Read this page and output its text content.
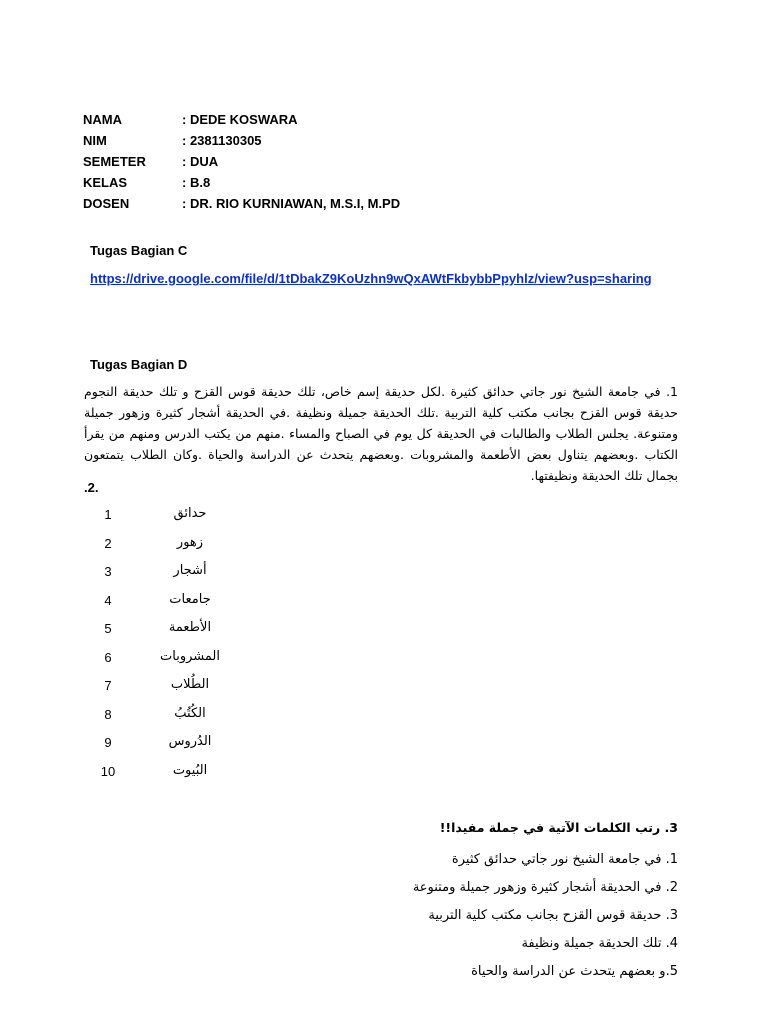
NAMA	: DEDE KOSWARA
NIM	: 2381130305
SEMETER	: DUA
KELAS	: B.8
DOSEN	: DR. RIO KURNIAWAN, M.S.I, M.PD
Tugas Bagian C
https://drive.google.com/file/d/1tDbakZ9KoUzhn9wQxAWtFkbybbPpyhlz/view?usp=sharing
Tugas Bagian D

1. في جامعة الشيخ نور جاتي حدائق كثيرة .لكل حديقة إسم خاص، تلك حديقة قوس القزح و تلك حديقة النجوم حديقة قوس القزح بجانب مكتب كلية التربية .تلك الحديقة جميلة ونظيفة .في الحديقة أشجار كثيرة وزهور جميلة ومتنوعة. يجلس الطلاب والطالبات في الحديقة كل يوم في الصباح والمساء .منهم من يكتب الدرس ومنهم من يقرأ الكتاب .وبعضهم يتناول بعض الأطعمة والمشروبات .وبعضهم يتحدث عن الدراسة والحياة .وكان الطلاب يتمتعون بجمال تلك الحديقة ونظيفتها.

.2.
1	حدائق
2	زهور
3	أشجار
4	جامعات
5	الأطعمة
6	المشروبات
7	الطُلاب
8	الكُتُبُ
9	الدُروس
10	البُيوت
3. رتب الكلمات الآتية في جملة مفيدا!!
1. في جامعة الشيخ نور جاتي حدائق كثيرة
2. في الحديقة أشجار كثيرة وزهور جميلة ومتنوعة
3. حديقة قوس القزح بجانب مكتب كلية التربية
4. تلك الحديقة جميلة ونظيفة
5.و بعضهم يتحدث عن الدراسة والحياة
